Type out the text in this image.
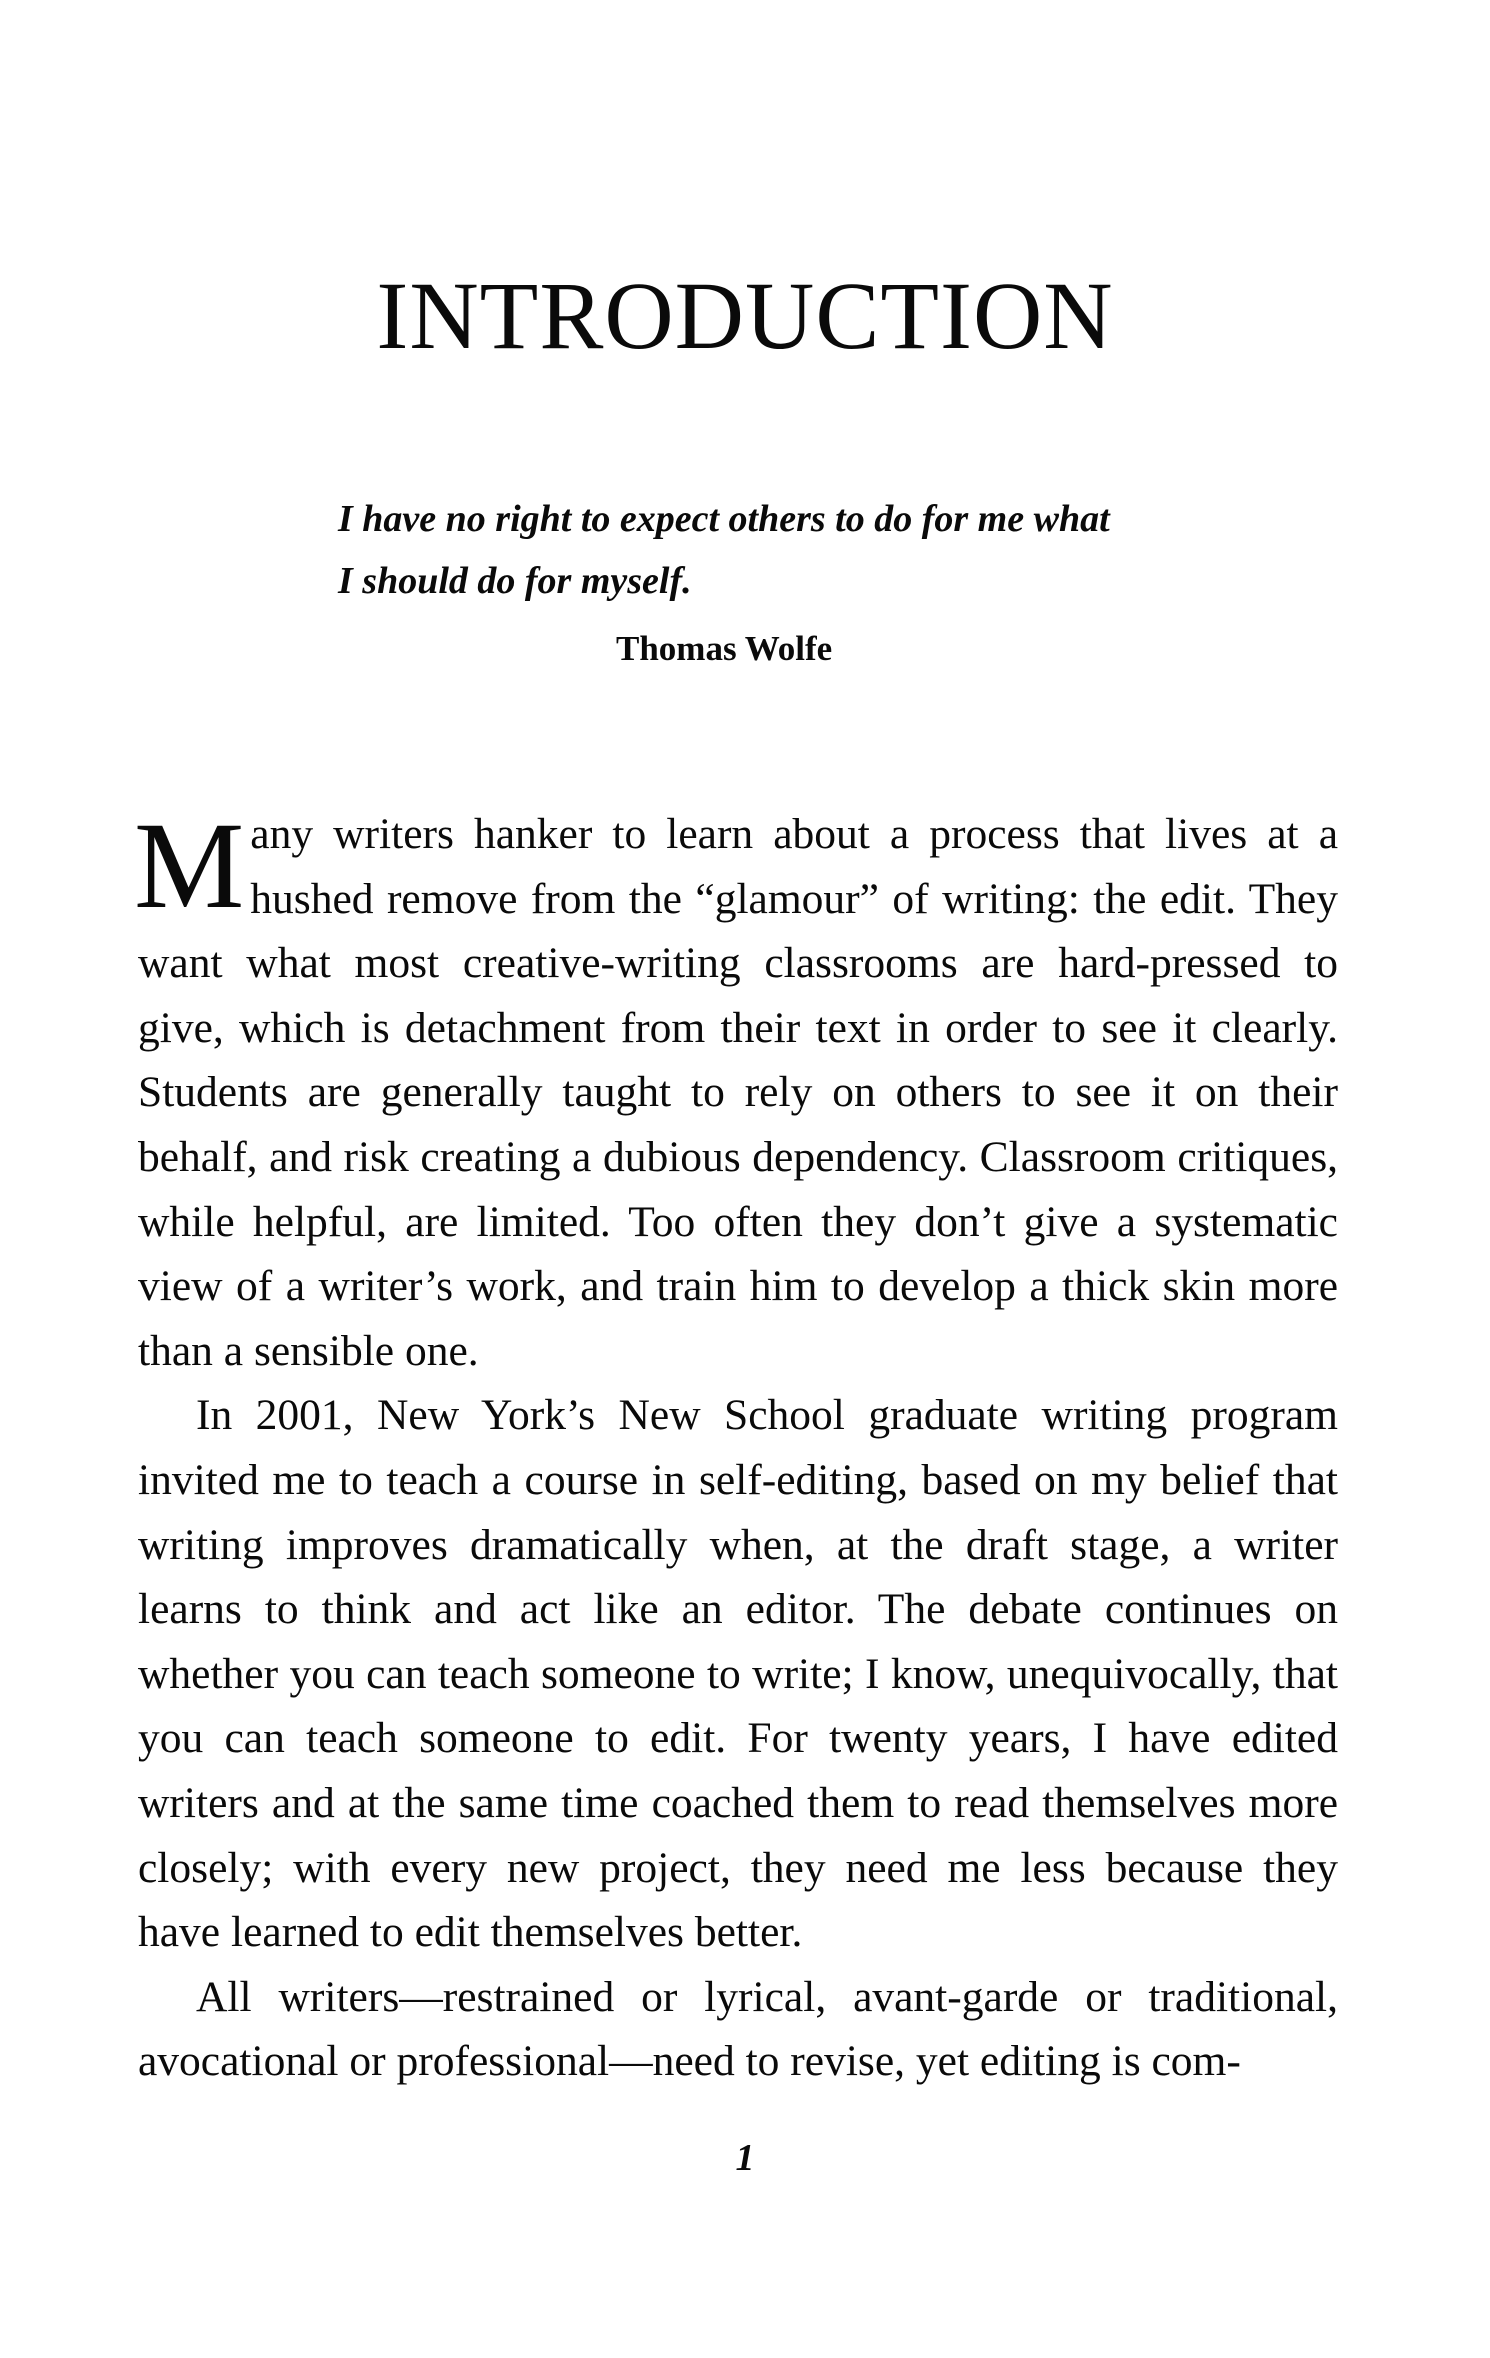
INTRODUCTION
I have no right to expect others to do for me what
I should do for myself.
Thomas Wolfe

Many writers hanker to learn about a process that lives at a hushed remove from the “glamour” of writing: the edit. They want what most creative-writing classrooms are hard-pressed to give, which is detachment from their text in order to see it clearly. Students are generally taught to rely on others to see it on their behalf, and risk creating a dubious dependency. Classroom critiques, while helpful, are limited. Too often they don’t give a systematic view of a writer’s work, and train him to develop a thick skin more than a sensible one.

In 2001, New York’s New School graduate writing program invited me to teach a course in self-editing, based on my belief that writing improves dramatically when, at the draft stage, a writer learns to think and act like an editor. The debate continues on whether you can teach someone to write; I know, unequivocally, that you can teach someone to edit. For twenty years, I have edited writers and at the same time coached them to read themselves more closely; with every new project, they need me less because they have learned to edit themselves better.

All writers—restrained or lyrical, avant-garde or traditional, avocational or professional—need to revise, yet editing is com-

1
